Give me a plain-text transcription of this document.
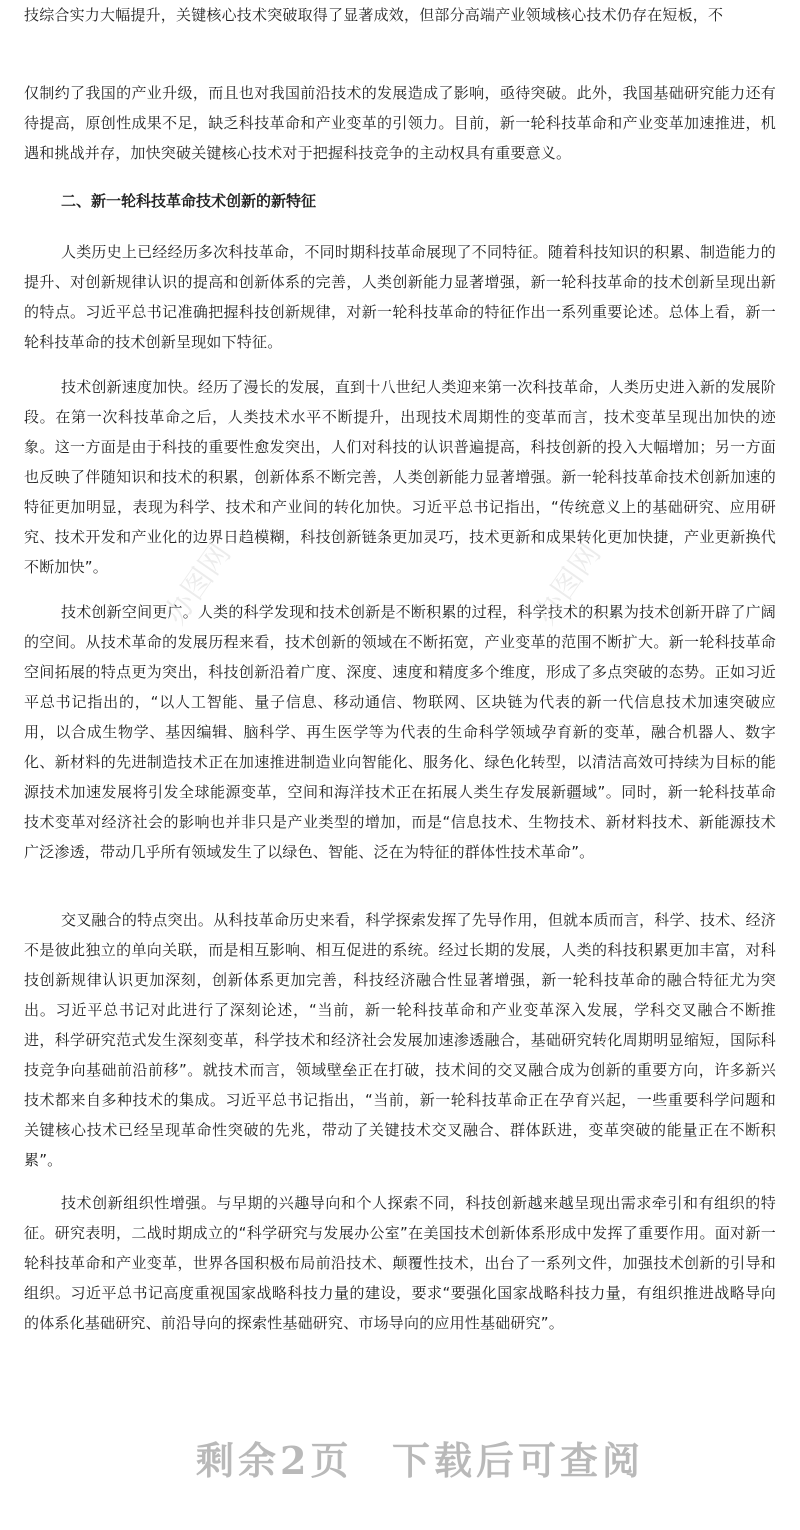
技综合实力大幅提升，关键核心技术突破取得了显著成效，但部分高端产业领域核心技术仍存在短板，不

仅制约了我国的产业升级，而且也对我国前沿技术的发展造成了影响，亟待突破。此外，我国基础研究能力还有待提高，原创性成果不足，缺乏科技革命和产业变革的引领力。目前，新一轮科技革命和产业变革加速推进，机遇和挑战并存，加快突破关键核心技术对于把握科技竞争的主动权具有重要意义。

二、新一轮科技革命技术创新的新特征

人类历史上已经经历多次科技革命，不同时期科技革命展现了不同特征。随着科技知识的积累、制造能力的提升、对创新规律认识的提高和创新体系的完善，人类创新能力显著增强，新一轮科技革命的技术创新呈现出新的特点。习近平总书记准确把握科技创新规律，对新一轮科技革命的特征作出一系列重要论述。总体上看，新一轮科技革命的技术创新呈现如下特征。

技术创新速度加快。经历了漫长的发展，直到十八世纪人类迎来第一次科技革命，人类历史进入新的发展阶段。在第一次科技革命之后，人类技术水平不断提升，出现技术周期性的变革而言，技术变革呈现出加快的迹象。这一方面是由于科技的重要性愈发突出，人们对科技的认识普遍提高，科技创新的投入大幅增加；另一方面也反映了伴随知识和技术的积累，创新体系不断完善，人类创新能力显著增强。新一轮科技革命技术创新加速的特征更加明显，表现为科学、技术和产业间的转化加快。习近平总书记指出，“传统意义上的基础研究、应用研究、技术开发和产业化的边界日趋模糊，科技创新链条更加灵巧，技术更新和成果转化更加快捷，产业更新换代不断加快”。

技术创新空间更广。人类的科学发现和技术创新是不断积累的过程，科学技术的积累为技术创新开辟了广阔的空间。从技术革命的发展历程来看，技术创新的领域在不断拓宽，产业变革的范围不断扩大。新一轮科技革命空间拓展的特点更为突出，科技创新沿着广度、深度、速度和精度多个维度，形成了多点突破的态势。正如习近平总书记指出的，“以人工智能、量子信息、移动通信、物联网、区块链为代表的新一代信息技术加速突破应用，以合成生物学、基因编辑、脑科学、再生医学等为代表的生命科学领域孕育新的变革，融合机器人、数字化、新材料的先进制造技术正在加速推进制造业向智能化、服务化、绿色化转型，以清洁高效可持续为目标的能源技术加速发展将引发全球能源变革，空间和海洋技术正在拓展人类生存发展新疆域”。同时，新一轮科技革命技术变革对经济社会的影响也并非只是产业类型的增加，而是“信息技术、生物技术、新材料技术、新能源技术广泛渗透，带动几乎所有领域发生了以绿色、智能、泛在为特征的群体性技术革命”。

交叉融合的特点突出。从科技革命历史来看，科学探索发挥了先导作用，但就本质而言，科学、技术、经济不是彼此独立的单向关联，而是相互影响、相互促进的系统。经过长期的发展，人类的科技积累更加丰富，对科技创新规律认识更加深刻，创新体系更加完善，科技经济融合性显著增强，新一轮科技革命的融合特征尤为突出。习近平总书记对此进行了深刻论述，“当前，新一轮科技革命和产业变革深入发展，学科交叉融合不断推进，科学研究范式发生深刻变革，科学技术和经济社会发展加速渗透融合，基础研究转化周期明显缩短，国际科技竞争向基础前沿前移”。就技术而言，领域壁垒正在打破，技术间的交叉融合成为创新的重要方向，许多新兴技术都来自多种技术的集成。习近平总书记指出，“当前，新一轮科技革命正在孕育兴起，一些重要科学问题和关键核心技术已经呈现革命性突破的先兆，带动了关键技术交叉融合、群体跃进，变革突破的能量正在不断积累”。

技术创新组织性增强。与早期的兴趣导向和个人探索不同，科技创新越来越呈现出需求牵引和有组织的特征。研究表明，二战时期成立的“科学研究与发展办公室”在美国技术创新体系形成中发挥了重要作用。面对新一轮科技革命和产业变革，世界各国积极布局前沿技术、颠覆性技术，出台了一系列文件，加强技术创新的引导和组织。习近平总书记高度重视国家战略科技力量的建设，要求“要强化国家战略科技力量，有组织推进战略导向的体系化基础研究、前沿导向的探索性基础研究、市场导向的应用性基础研究”。

办图网	办图网

剩余2页 下载后可查阅
